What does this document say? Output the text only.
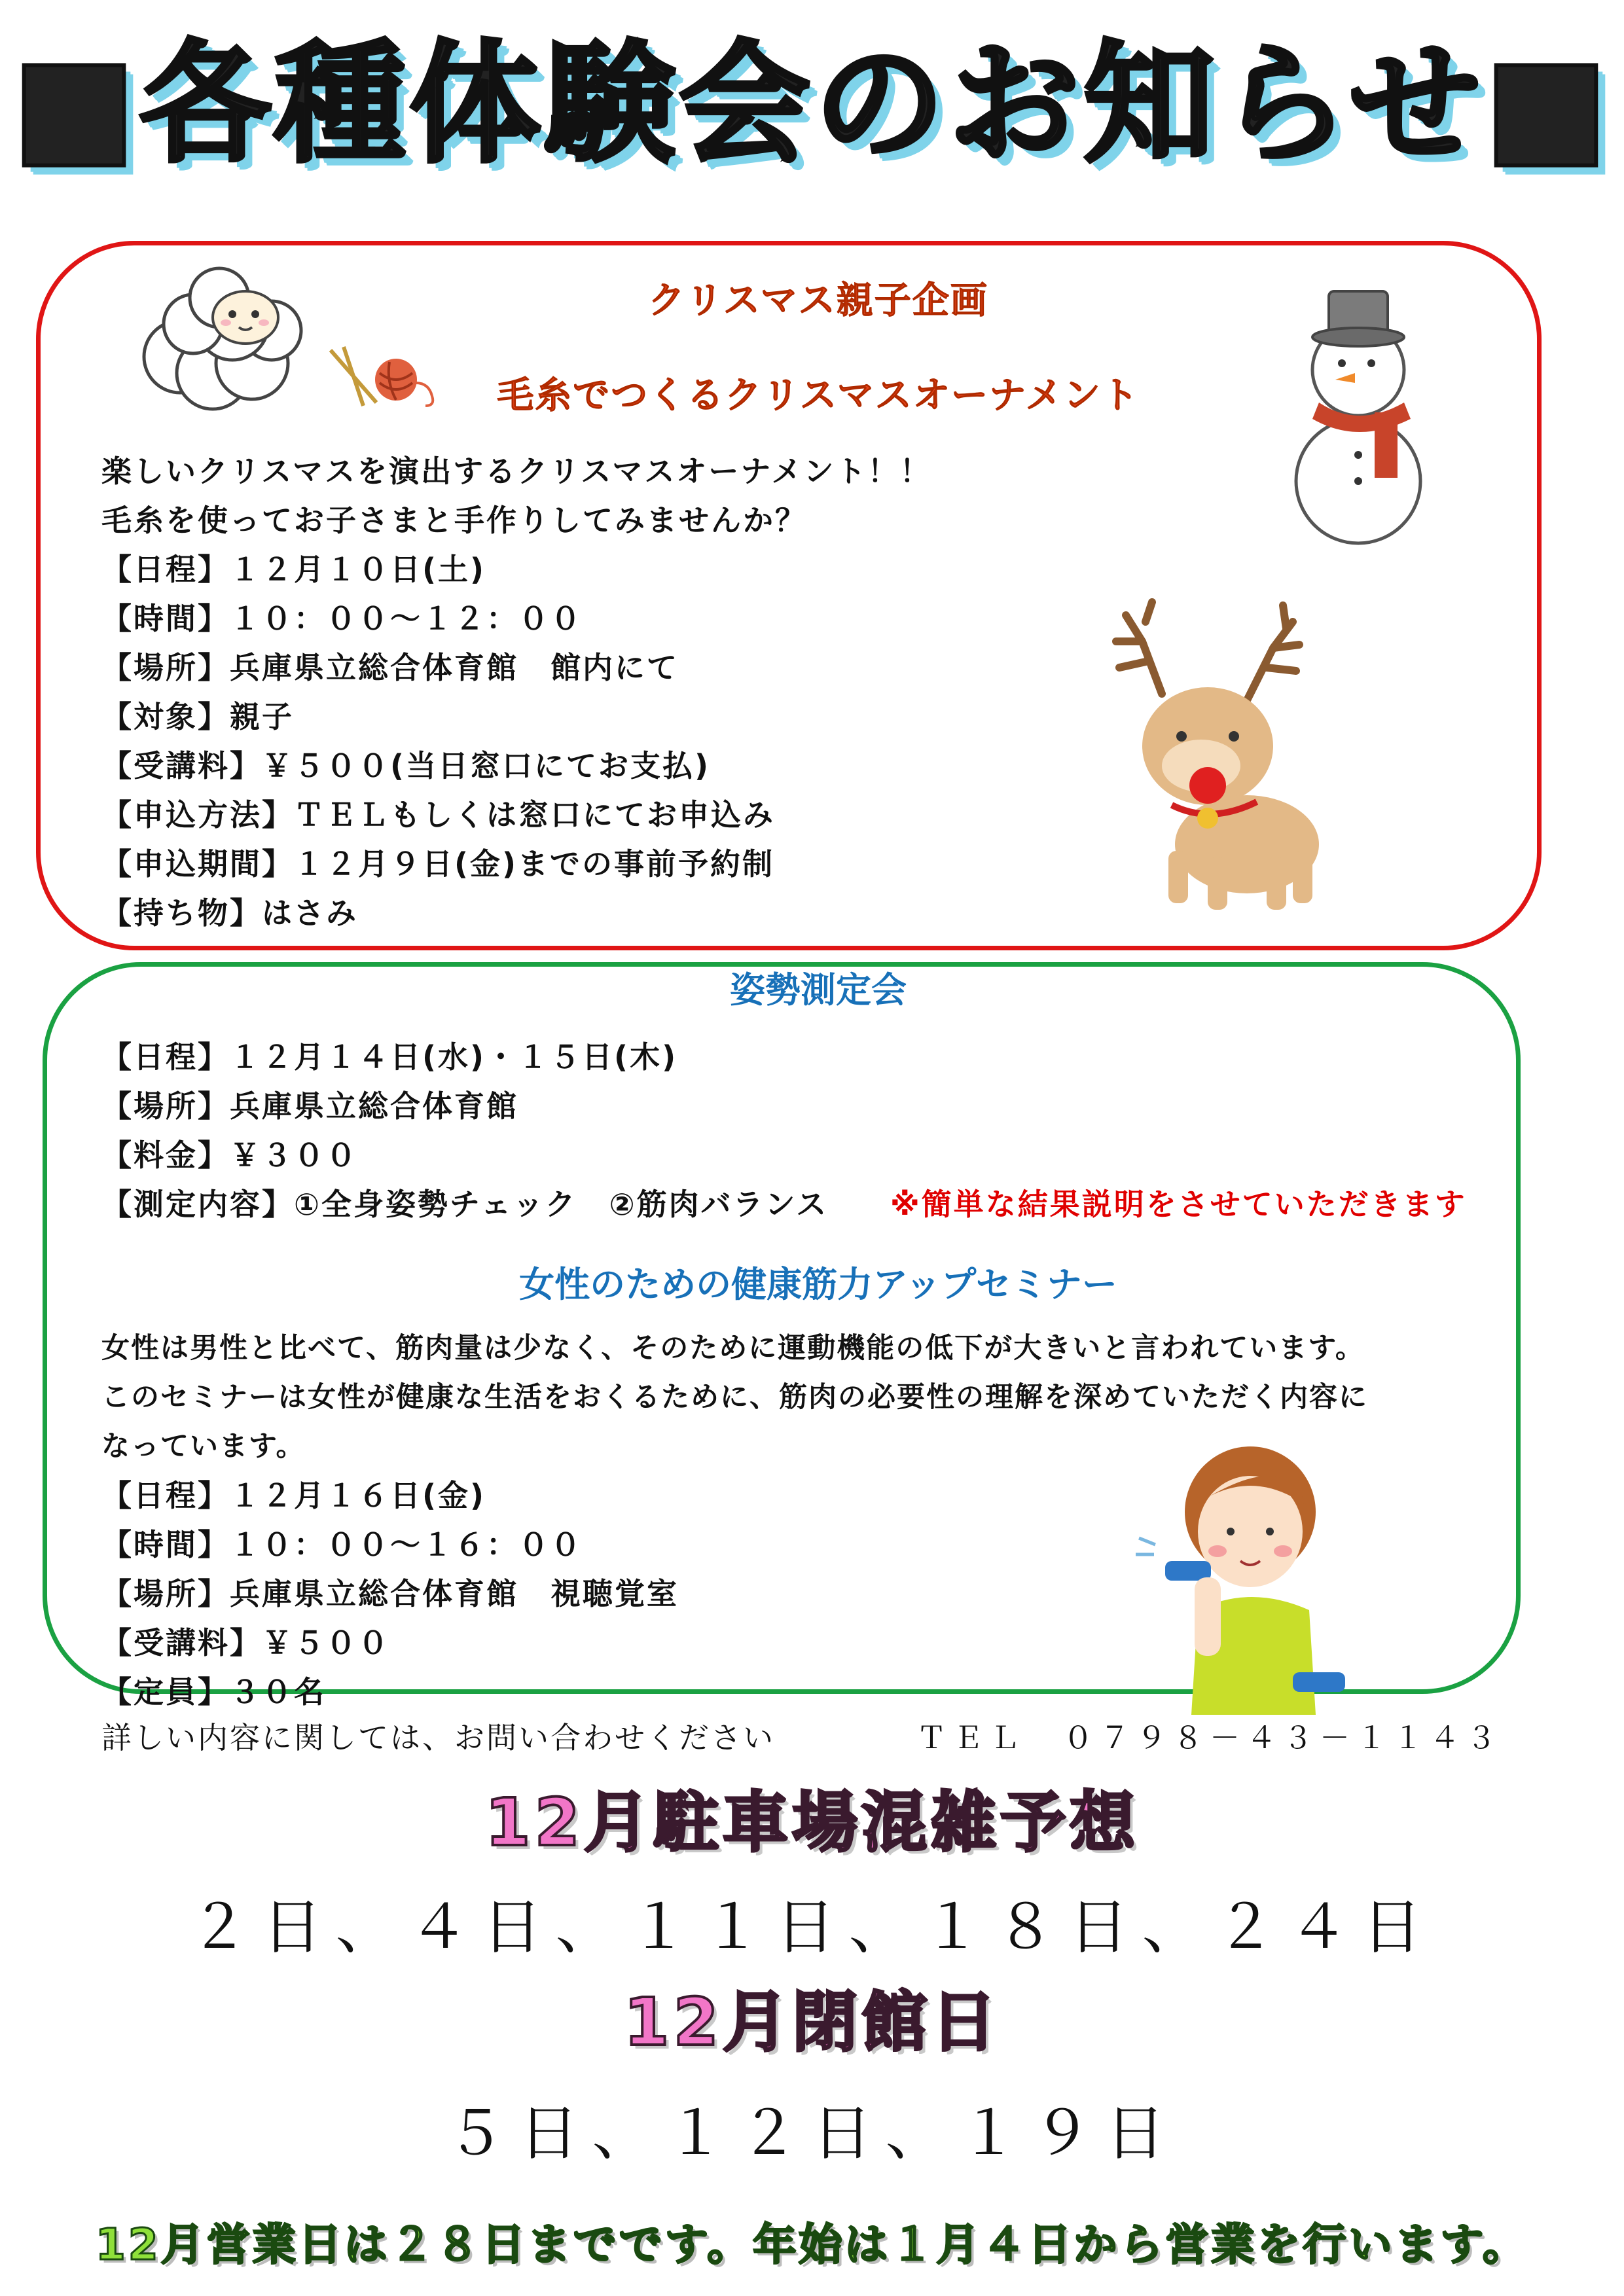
■各種体験会のお知らせ■
クリスマス親子企画
毛糸でつくるクリスマスオーナメント
楽しいクリスマスを演出するクリスマスオーナメント！！
毛糸を使ってお子さまと手作りしてみませんか？
【日程】１２月１０日(土)
【時間】１０：００～１２：００
【場所】兵庫県立総合体育館　館内にて
【対象】親子
【受講料】￥５００(当日窓口にてお支払)
【申込方法】ＴＥＬもしくは窓口にてお申込み
【申込期間】１２月９日(金)までの事前予約制
【持ち物】はさみ
姿勢測定会
【日程】１２月１４日(水)・１５日(木)
【場所】兵庫県立総合体育館
【料金】￥３００
【測定内容】①全身姿勢チェック　②筋肉バランス ※簡単な結果説明をさせていただきます
女性のための健康筋力アップセミナー
女性は男性と比べて、筋肉量は少なく、そのために運動機能の低下が大きいと言われています。
このセミナーは女性が健康な生活をおくるために、筋肉の必要性の理解を深めていただく内容に
なっています。
【日程】１２月１６日(金)
【時間】１０：００～１６：００
【場所】兵庫県立総合体育館　視聴覚室
【受講料】￥５００
【定員】３０名
詳しい内容に関しては、お問い合わせください	ＴＥＬ　０７９８－４３－１１４３
12月駐車場混雑予想
２日、４日、１１日、１８日、２４日
12月閉館日
５日、１２日、１９日
12月営業日は２８日までです。年始は１月４日から営業を行います。
